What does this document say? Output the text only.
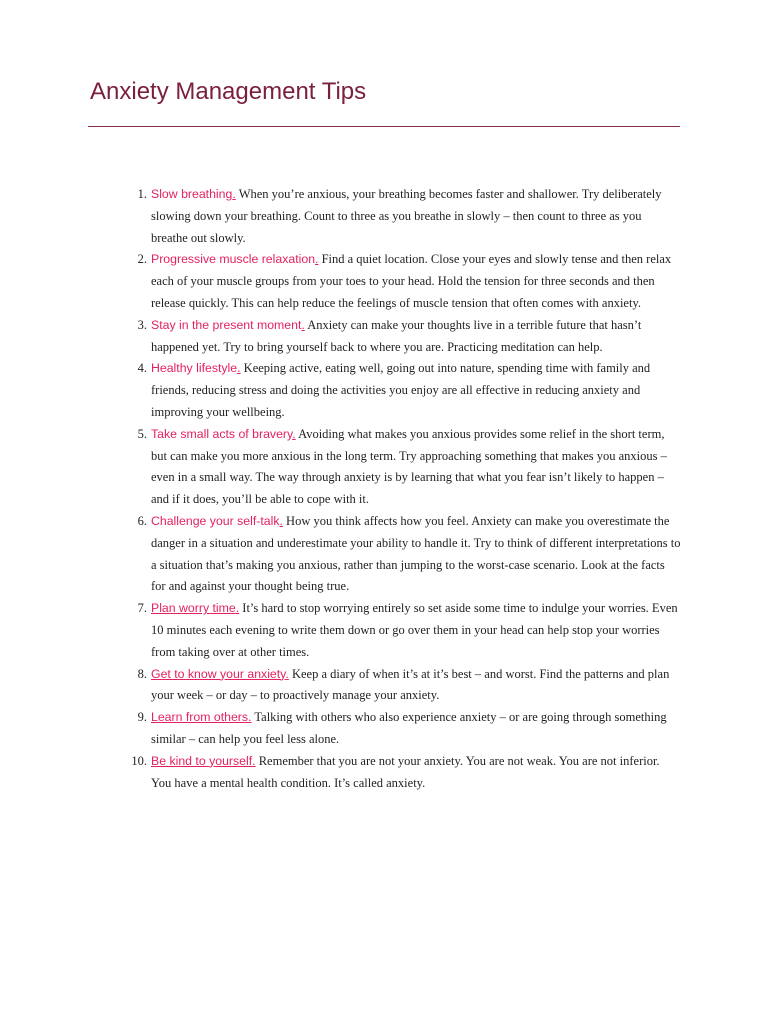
Anxiety Management Tips
1. Slow breathing. When you’re anxious, your breathing becomes faster and shallower. Try deliberately slowing down your breathing. Count to three as you breathe in slowly – then count to three as you breathe out slowly.
2. Progressive muscle relaxation. Find a quiet location. Close your eyes and slowly tense and then relax each of your muscle groups from your toes to your head. Hold the tension for three seconds and then release quickly. This can help reduce the feelings of muscle tension that often comes with anxiety.
3. Stay in the present moment. Anxiety can make your thoughts live in a terrible future that hasn’t happened yet. Try to bring yourself back to where you are. Practicing meditation can help.
4. Healthy lifestyle. Keeping active, eating well, going out into nature, spending time with family and friends, reducing stress and doing the activities you enjoy are all effective in reducing anxiety and improving your wellbeing.
5. Take small acts of bravery. Avoiding what makes you anxious provides some relief in the short term, but can make you more anxious in the long term. Try approaching something that makes you anxious – even in a small way. The way through anxiety is by learning that what you fear isn’t likely to happen – and if it does, you’ll be able to cope with it.
6. Challenge your self-talk. How you think affects how you feel. Anxiety can make you overestimate the danger in a situation and underestimate your ability to handle it. Try to think of different interpretations to a situation that’s making you anxious, rather than jumping to the worst-case scenario. Look at the facts for and against your thought being true.
7. Plan worry time. It’s hard to stop worrying entirely so set aside some time to indulge your worries. Even 10 minutes each evening to write them down or go over them in your head can help stop your worries from taking over at other times.
8. Get to know your anxiety. Keep a diary of when it’s at it’s best – and worst. Find the patterns and plan your week – or day – to proactively manage your anxiety.
9. Learn from others. Talking with others who also experience anxiety – or are going through something similar – can help you feel less alone.
10. Be kind to yourself. Remember that you are not your anxiety. You are not weak. You are not inferior. You have a mental health condition. It’s called anxiety.
